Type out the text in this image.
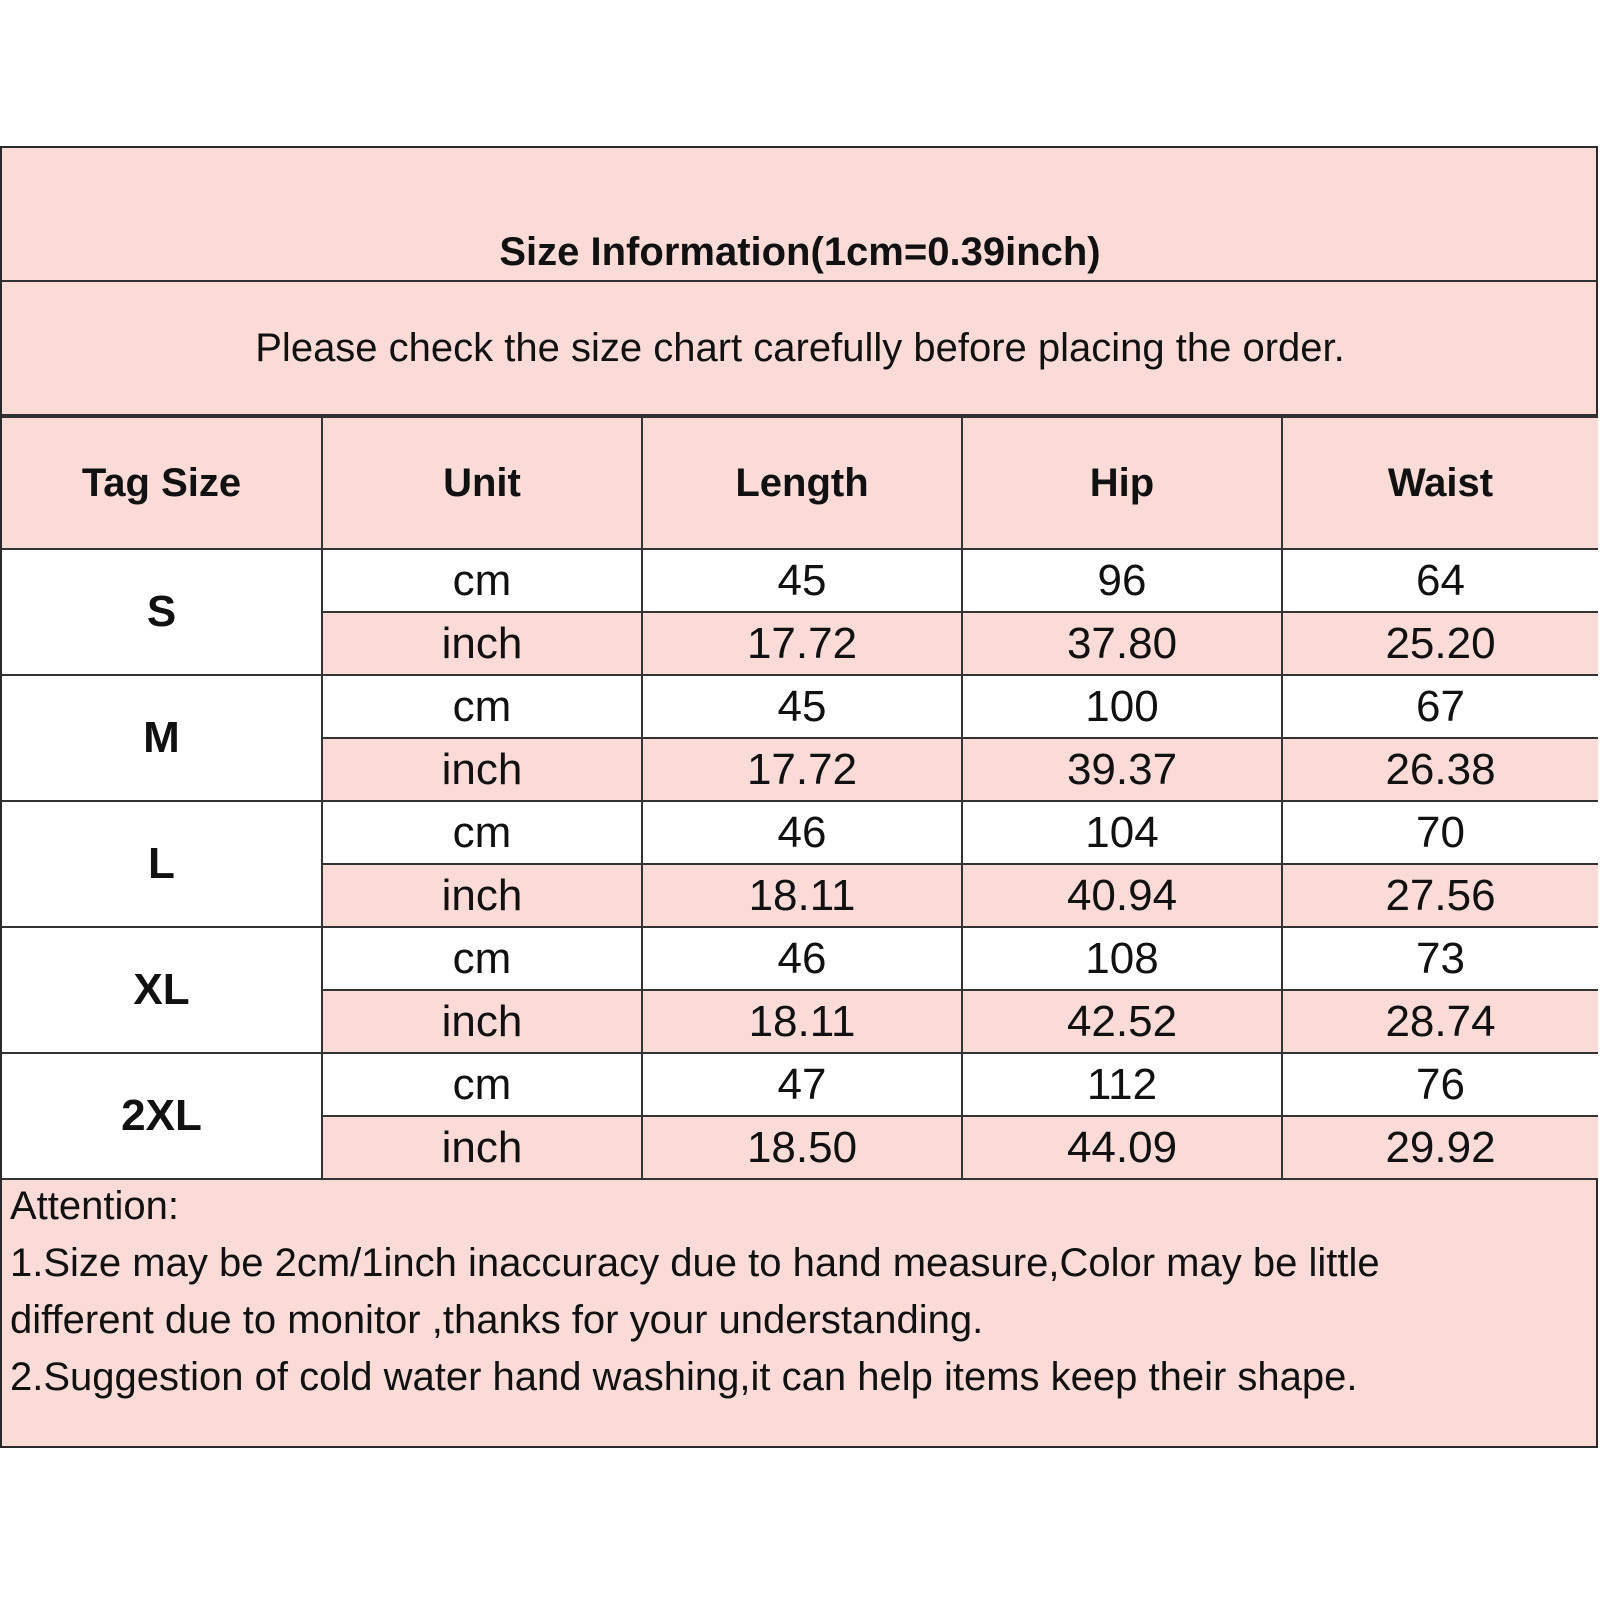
Size Information(1cm=0.39inch)
Please check the size chart carefully before placing the order.
Tag Size	Unit	Length	Hip	Waist
S	cm	45	96	64
	inch	17.72	37.80	25.20
M	cm	45	100	67
	inch	17.72	39.37	26.38
L	cm	46	104	70
	inch	18.11	40.94	27.56
XL	cm	46	108	73
	inch	18.11	42.52	28.74
2XL	cm	47	112	76
	inch	18.50	44.09	29.92
Attention:
1.Size may be 2cm/1inch inaccuracy due to hand measure,Color may be little
different due to monitor ,thanks for your understanding.
2.Suggestion of cold water hand washing,it can help items keep their shape.
